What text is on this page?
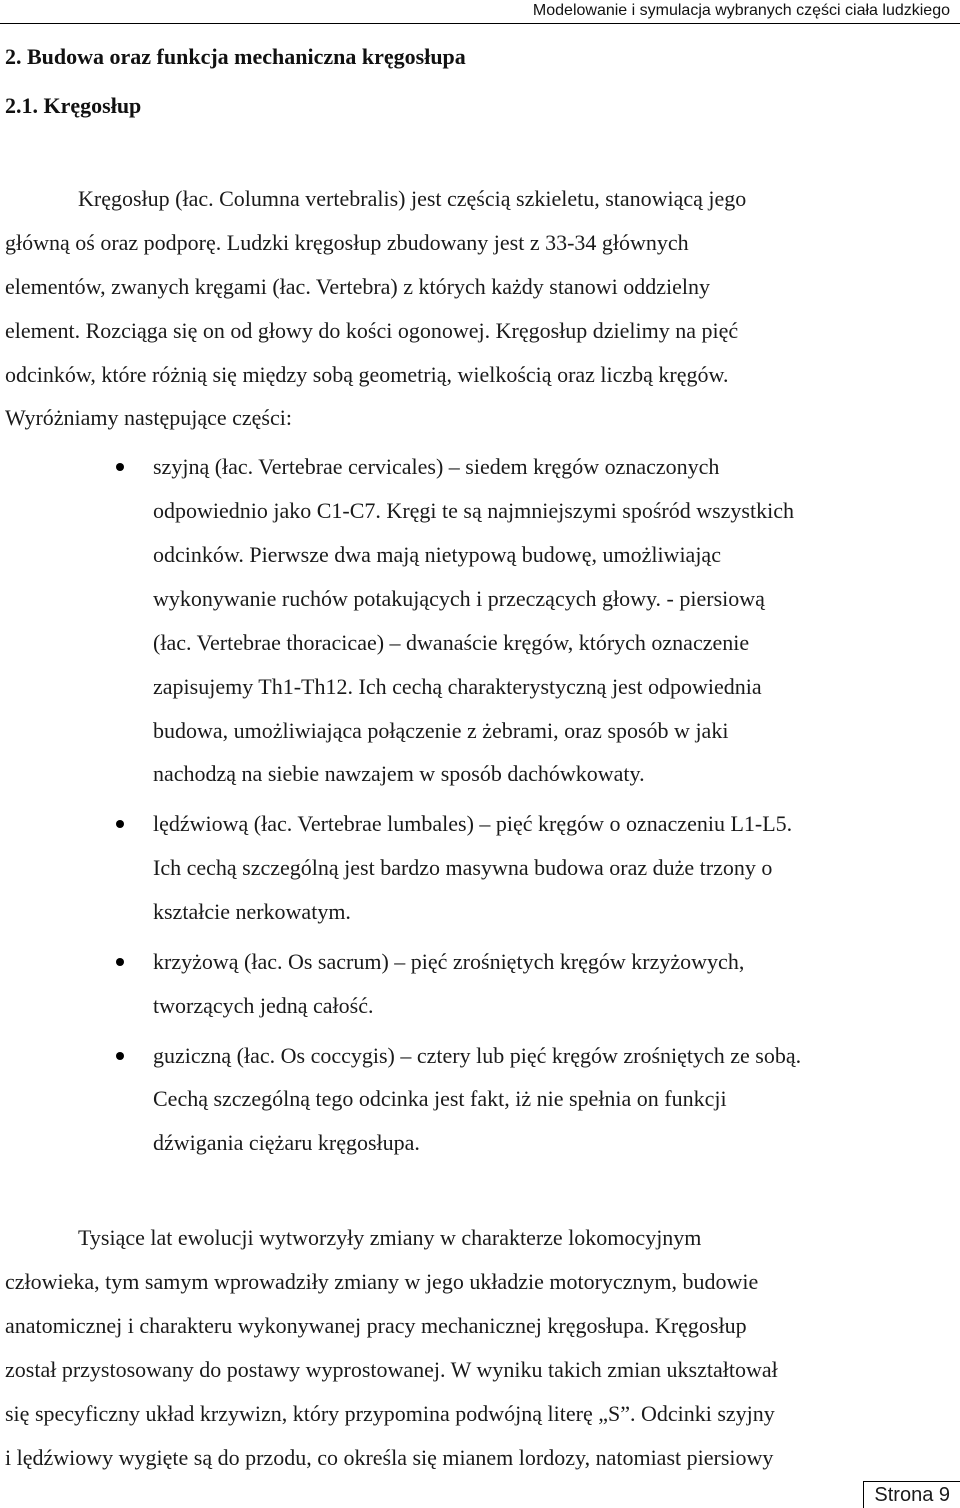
Modelowanie i symulacja wybranych części ciała ludzkiego
2. Budowa oraz funkcja mechaniczna kręgosłupa
2.1. Kręgosłup
Kręgosłup (łac. Columna vertebralis) jest częścią szkieletu, stanowiącą jego
główną oś oraz podporę. Ludzki kręgosłup zbudowany jest z 33-34 głównych
elementów, zwanych kręgami (łac. Vertebra) z których każdy stanowi oddzielny
element. Rozciąga się on od głowy do kości ogonowej. Kręgosłup dzielimy na pięć
odcinków, które różnią się między sobą geometrią, wielkością oraz liczbą kręgów.
Wyróżniamy następujące części:
szyjną (łac. Vertebrae cervicales) – siedem kręgów oznaczonych
odpowiednio jako C1-C7. Kręgi te są najmniejszymi spośród wszystkich
odcinków. Pierwsze dwa mają nietypową budowę, umożliwiając
wykonywanie ruchów potakujących i przeczących głowy. - piersiową
(łac. Vertebrae thoracicae) – dwanaście kręgów, których oznaczenie
zapisujemy Th1-Th12. Ich cechą charakterystyczną jest odpowiednia
budowa, umożliwiająca połączenie z żebrami, oraz sposób w jaki
nachodzą na siebie nawzajem w sposób dachówkowaty.
lędźwiową (łac. Vertebrae lumbales) – pięć kręgów o oznaczeniu L1-L5.
Ich cechą szczególną jest bardzo masywna budowa oraz duże trzony o
kształcie nerkowatym.
krzyżową (łac. Os sacrum) – pięć zrośniętych kręgów krzyżowych,
tworzących jedną całość.
guziczną (łac. Os coccygis) – cztery lub pięć kręgów zrośniętych ze sobą.
Cechą szczególną tego odcinka jest fakt, iż nie spełnia on funkcji
dźwigania ciężaru kręgosłupa.
Tysiące lat ewolucji wytworzyły zmiany w charakterze lokomocyjnym
człowieka, tym samym wprowadziły zmiany w jego układzie motorycznym, budowie
anatomicznej i charakteru wykonywanej pracy mechanicznej kręgosłupa. Kręgosłup
został przystosowany do postawy wyprostowanej. W wyniku takich zmian ukształtował
się specyficzny układ krzywizn, który przypomina podwójną literę „S”. Odcinki szyjny
i lędźwiowy wygięte są do przodu, co określa się mianem lordozy, natomiast piersiowy
Strona 9
